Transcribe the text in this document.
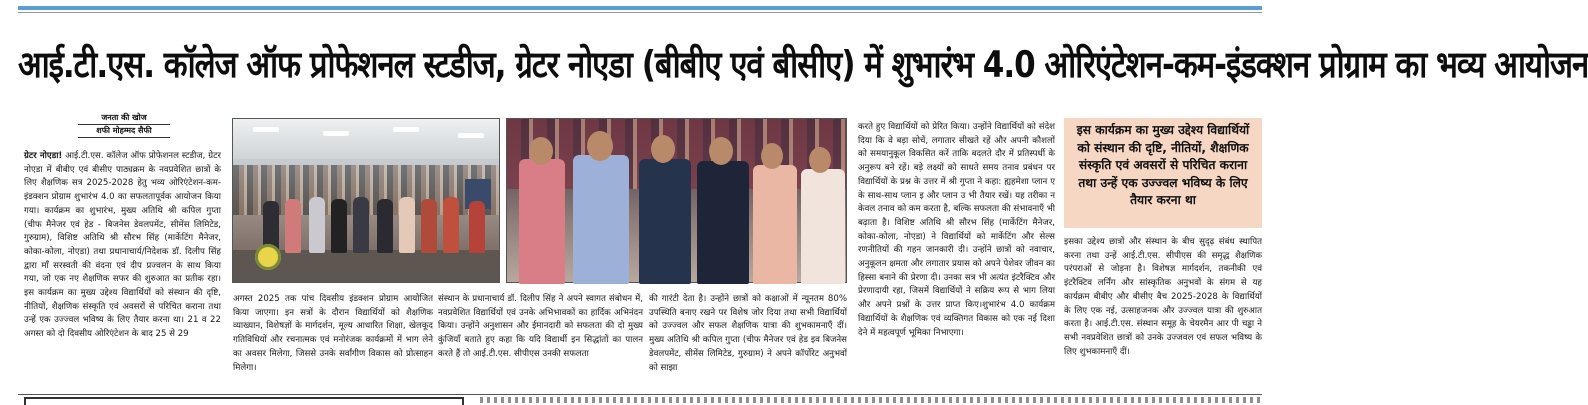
आई.टी.एस. कॉलेज ऑफ प्रोफेशनल स्टडीज, ग्रेटर नोएडा (बीबीए एवं बीसीए) में शुभारंभ 4.0 ओरिएंटेशन-कम-इंडक्शन प्रोग्राम का भव्य आयोजन
जनता की खोज
शफी मोहम्मद सैफी
ग्रेटर नोएडा! आई.टी.एस. कॉलेज ऑफ प्रोफेशनल स्टडीज, ग्रेटर नोएडा में बीबीए एवं बीसीए पाठ्यक्रम के नवप्रवेशित छात्रों के लिए शैक्षणिक सत्र 2025-2028 हेतु भव्य ओरिएंटेशन-कम-इंडक्शन प्रोग्राम शुभारंभ 4.0 का सफलतापूर्वक आयोजन किया गया। कार्यक्रम का शुभारंभ, मुख्य अतिथि श्री कपिल गुप्ता (चीफ मैनेजर एवं हेड - बिजनेस डेवलपमेंट, सीमेंस लिमिटेड, गुरुग्राम), विशिष्ट अतिथि श्री सौरभ सिंह (मार्केटिंग मैनेजर, कोका-कोला, नोएडा) तथा प्रधानाचार्य/निदेशक डॉ. दिलीप सिंह द्वारा माँ सरस्वती की वंदना एवं दीप प्रज्वलन के साथ किया गया, जो एक नए शैक्षणिक सफर की शुरुआत का प्रतीक रहा। इस कार्यक्रम का मुख्य उद्देश्य विद्यार्थियों को संस्थान की दृष्टि, नीतियों, शैक्षणिक संस्कृति एवं अवसरों से परिचित कराना तथा उन्हें एक उज्ज्वल भविष्य के लिए तैयार करना था। 21 व 22 अगस्त को दो दिवसीय ओरिएंटेशन के बाद 25 से 29
अगस्त 2025 तक पांच दिवसीय इंडक्शन प्रोग्राम आयोजित किया जाएगा। इन सत्रों के दौरान विद्यार्थियों को शैक्षणिक व्याख्यान, विशेषज्ञों के मार्गदर्शन, मूल्य आधारित शिक्षा, खेलकूद गतिविधियों और रचनात्मक एवं मनोरंजक कार्यक्रमों में भाग लेने का अवसर मिलेगा, जिससे उनके सर्वांगीण विकास को प्रोत्साहन मिलेगा।
संस्थान के प्रधानाचार्य डॉ. दिलीप सिंह ने अपने स्वागत संबोधन में, नवप्रवेशित विद्यार्थियों एवं उनके अभिभावकों का हार्दिक अभिनंदन किया। उन्होंने अनुशासन और ईमानदारी को सफलता की दो मुख्य कुंजियाँ बताते हुए कहा कि यदि विद्यार्थी इन सिद्धांतों का पालन करते हैं तो आई.टी.एस. सीपीएस उनकी सफलता
की गारंटी देता है। उन्होंने छात्रों को कक्षाओं में न्यूनतम 80% उपस्थिति बनाए रखने पर विशेष जोर दिया तथा सभी विद्यार्थियों को उज्ज्वल और सफल शैक्षणिक यात्रा की शुभकामनाएँ दीं। मुख्य अतिथि श्री कपिल गुप्ता (चीफ मैनेजर एवं हेड इव बिजनेस डेवलपमेंट, सीमेंस लिमिटेड, गुरुग्राम) ने अपने कॉर्पोरेट अनुभवों को साझा
करते हुए विद्यार्थियों को प्रेरित किया। उन्होंने विद्यार्थियों को संदेश दिया कि वे बड़ा सोचें, लगातार सीखते रहें और अपनी कौशलों को समयानुकूल विकसित करें ताकि बदलते दौर में प्रतिस्पर्धी के अनुरूप बने रहें। बड़े लक्ष्यों को साधते समय तनाव प्रबंधन पर विद्यार्थियों के प्रश्न के उत्तर में श्री गुप्ता ने कहा: ह्यहमेशा प्लान ए के साथ-साथ प्लान इ और प्लान उ भी तैयार रखें। यह तरीका न केवल तनाव को कम करता है, बल्कि सफलता की संभावनाएँ भी बढ़ाता है। विशिष्ट अतिथि श्री सौरभ सिंह (मार्केटिंग मैनेजर, कोका-कोला, नोएडा) ने विद्यार्थियों को मार्केटिंग और सेल्स रणनीतियों की गहन जानकारी दी। उन्होंने छात्रों को नवाचार, अनुकूलन क्षमता और लगातार प्रयास को अपने पेशेवर जीवन का हिस्सा बनाने की प्रेरणा दी। उनका सत्र भी अत्यंत इंटरैक्टिव और प्रेरणादायी रहा, जिसमें विद्यार्थियों ने सक्रिय रूप से भाग लिया और अपने प्रश्नों के उत्तर प्राप्त किए।शुभारंभ 4.0 कार्यक्रम विद्यार्थियों के शैक्षणिक एवं व्यक्तिगत विकास को एक नई दिशा देने में महत्वपूर्ण भूमिका निभाएगा।
इस कार्यक्रम का मुख्य उद्देश्य विद्यार्थियों को संस्थान की दृष्टि, नीतियों, शैक्षणिक संस्कृति एवं अवसरों से परिचित कराना तथा उन्हें एक उज्ज्वल भविष्य के लिए तैयार करना था
इसका उद्देश्य छात्रों और संस्थान के बीच सुदृढ़ संबंध स्थापित करना तथा उन्हें आई.टी.एस. सीपीएस की समृद्ध शैक्षणिक परंपराओं से जोड़ना है। विशेषज्ञ मार्गदर्शन, तकनीकी एवं इंटरैक्टिव लर्निंग और सांस्कृतिक अनुभवों के संगम से यह कार्यक्रम बीबीए और बीसीए बैच 2025-2028 के विद्यार्थियों के लिए एक नई, उत्साहजनक और उज्ज्वल यात्रा की शुरुआत करता है। आई.टी.एस. संस्थान समूह के चेयरमैन आर पी चड्ढा ने सभी नवप्रवेशित छात्रों को उनके उज्जवल एवं सफल भविष्य के लिए शुभकामनाएँ दीं।
